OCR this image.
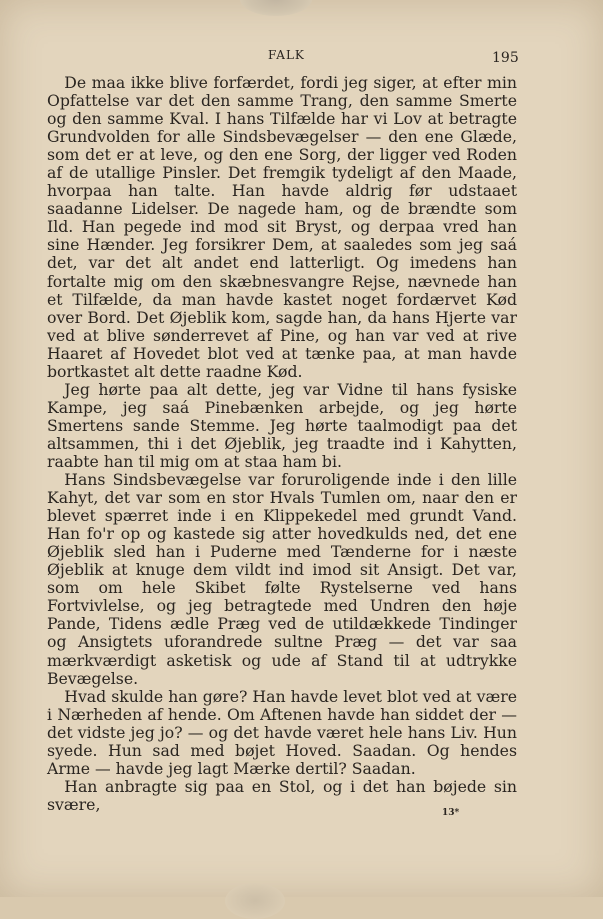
FALK	195

De maa ikke blive forfærdet, fordi jeg siger, at efter min Opfattelse var det den samme Trang, den samme Smerte og den samme Kval. I hans Tilfælde har vi Lov at betragte Grundvolden for alle Sindsbevægelser — den ene Glæde, som det er at leve, og den ene Sorg, der ligger ved Roden af de utallige Pinsler. Det fremgik tydeligt af den Maade, hvorpaa han talte. Han havde aldrig før udstaaet saadanne Lidelser. De nagede ham, og de brændte som Ild. Han pegede ind mod sit Bryst, og derpaa vred han sine Hænder. Jeg forsikrer Dem, at saaledes som jeg saá det, var det alt andet end latterligt. Og imedens han fortalte mig om den skæbnesvangre Rejse, nævnede han et Tilfælde, da man havde kastet noget fordærvet Kød over Bord. Det Øjeblik kom, sagde han, da hans Hjerte var ved at blive sønderrevet af Pine, og han var ved at rive Haaret af Hovedet blot ved at tænke paa, at man havde bortkastet alt dette raadne Kød.

Jeg hørte paa alt dette, jeg var Vidne til hans fysiske Kampe, jeg saá Pinebænken arbejde, og jeg hørte Smertens sande Stemme. Jeg hørte taalmodigt paa det altsammen, thi i det Øjeblik, jeg traadte ind i Kahytten, raabte han til mig om at staa ham bi.

Hans Sindsbevægelse var foruroligende inde i den lille Kahyt, det var som en stor Hvals Tumlen om, naar den er blevet spærret inde i en Klippekedel med grundt Vand. Han fo'r op og kastede sig atter hovedkulds ned, det ene Øjeblik sled han i Puderne med Tænderne for i næste Øjeblik at knuge dem vildt ind imod sit Ansigt. Det var, som om hele Skibet følte Rystelserne ved hans Fortvivlelse, og jeg betragtede med Undren den høje Pande, Tidens ædle Præg ved de utildækkede Tindinger og Ansigtets uforandrede sultne Præg — det var saa mærkværdigt asketisk og ude af Stand til at udtrykke Bevægelse.

Hvad skulde han gøre? Han havde levet blot ved at være i Nærheden af hende. Om Aftenen havde han siddet der — det vidste jeg jo? — og det havde været hele hans Liv. Hun syede. Hun sad med bøjet Hoved. Saadan. Og hendes Arme — havde jeg lagt Mærke dertil? Saadan.

Han anbragte sig paa en Stol, og i det han bøjede sin svære,	13*
